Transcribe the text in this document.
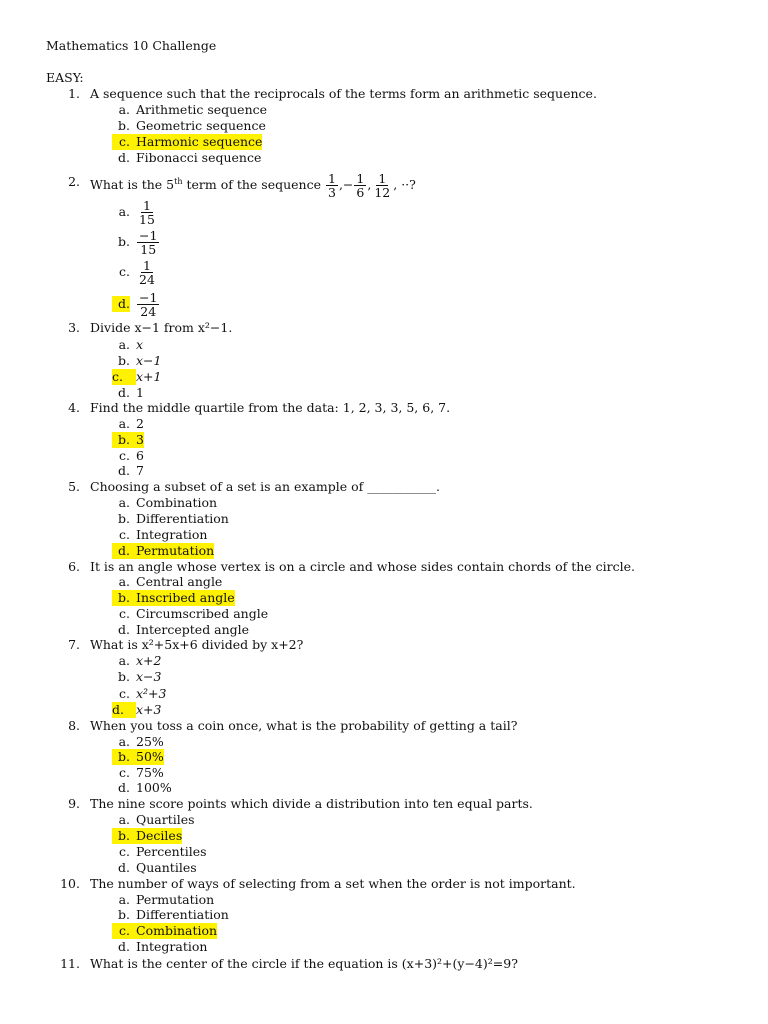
Mathematics 10 Challenge
EASY:
1. A sequence such that the reciprocals of the terms form an arithmetic sequence.
a. Arithmetic sequence
b. Geometric sequence
c. Harmonic sequence
d. Fibonacci sequence
2. What is the 5th term of the sequence $\frac{1}{3}$ ,− $\frac{1}{6}$ , $\frac{1}{12}$ , ··?
a. $\frac{1}{15}$
b. $\frac{-1}{15}$
c. $\frac{1}{24}$
d. $\frac{-1}{24}$
3. Divide x−1 from x²−1.
a. x
b. x−1
c.	x+1
d. 1
4. Find the middle quartile from the data: 1, 2, 3, 3, 5, 6, 7.
a. 2
b. 3
c. 6
d. 7
5. Choosing a subset of a set is an example of ___________.
a. Combination
b. Differentiation
c. Integration
d. Permutation
6. It is an angle whose vertex is on a circle and whose sides contain chords of the circle.
a. Central angle
b. Inscribed angle
c. Circumscribed angle
d. Intercepted angle
7. What is x²+5x+6 divided by x+2?
a. x+2
b. x−3
c. x²+3
d. x+3
8. When you toss a coin once, what is the probability of getting a tail?
a. 25%
b. 50%
c. 75%
d. 100%
9. The nine score points which divide a distribution into ten equal parts.
a. Quartiles
b. Deciles
c. Percentiles
d. Quantiles
10. The number of ways of selecting from a set when the order is not important.
a. Permutation
b. Differentiation
c. Combination
d. Integration
11. What is the center of the circle if the equation is (x+3)²+(y−4)²=9?
